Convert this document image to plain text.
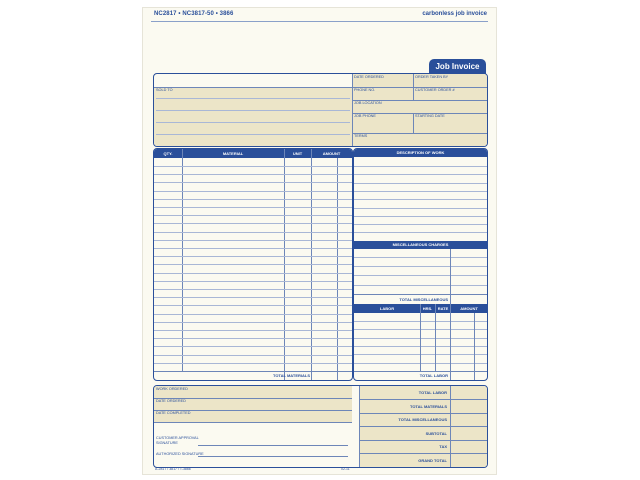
NC2817 • NC3817-50 • 3866	carbonless job invoice
Job Invoice
SOLD TO
DATE ORDERED	ORDER TAKEN BY
PHONE NO.	CUSTOMER ORDER #
JOB LOCATION
JOB PHONE	STARTING DATE
TERMS
QTY.	MATERIAL	UNIT	AMOUNT
TOTAL MATERIALS
DESCRIPTION OF WORK
MISCELLANEOUS CHARGES
TOTAL MISCELLANEOUS
LABOR	HRS.	RATE	AMOUNT
TOTAL LABOR
WORK ORDERED
DATE ORDERED
DATE COMPLETED
TOTAL LABOR
TOTAL MATERIALS
TOTAL MISCELLANEOUS
SUBTOTAL
TAX
GRAND TOTAL
CUSTOMER APPROVAL SIGNATURE
AUTHORIZED SIGNATURE
A-2817 / 3817 / T-3866	02-11
